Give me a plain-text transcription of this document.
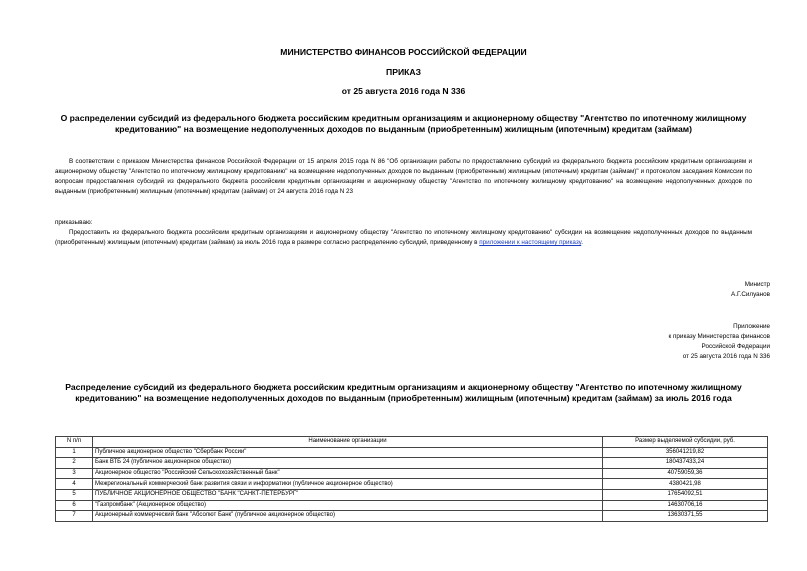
МИНИСТЕРСТВО ФИНАНСОВ РОССИЙСКОЙ ФЕДЕРАЦИИ
ПРИКАЗ
от 25 августа 2016 года N 336
О распределении субсидий из федерального бюджета российским кредитным организациям и акционерному обществу "Агентство по ипотечному жилищному
кредитованию" на возмещение недополученных доходов по выданным (приобретенным) жилищным (ипотечным) кредитам (займам)
В соответствии с приказом Министерства финансов Российской Федерации от 15 апреля 2015 года N 86 "Об организации работы по предоставлению субсидий из федерального бюджета российским кредитным организациям и акционерному обществу "Агентство по ипотечному жилищному кредитованию" на возмещение недополученных доходов по выданным (приобретенным) жилищным (ипотечным) кредитам (займам)" и протоколом заседания Комиссии по вопросам предоставления субсидий из федерального бюджета российским кредитным организациям и акционерному обществу "Агентство по ипотечному жилищному кредитованию" на возмещение недополученных доходов по выданным (приобретенным) жилищным (ипотечным) кредитам (займам) от 24 августа 2016 года N 23
приказываю:
Предоставить из федерального бюджета российским кредитным организациям и акционерному обществу "Агентство по ипотечному жилищному кредитованию" субсидии на возмещение недополученных доходов по выданным (приобретенным) жилищным (ипотечным) кредитам (займам) за июль 2016 года в размере согласно распределению субсидий, приведенному в приложении к настоящему приказу.
Министр
А.Г.Силуанов
Приложение
к приказу Министерства финансов
Российской Федерации
от 25 августа 2016 года N 336
Распределение субсидий из федерального бюджета российским кредитным организациям и акционерному обществу "Агентство по ипотечному жилищному
кредитованию" на возмещение недополученных доходов по выданным (приобретенным) жилищным (ипотечным) кредитам (займам) за июль 2016 года
N п/п	Наименование организации	Размер выделяемой субсидии, руб.
1	Публичное акционерное общество "Сбербанк России"	356041219,82
2	Банк ВТБ 24 (публичное акционерное общество)	180437433,24
3	Акционерное общество "Российский Сельскохозяйственный банк"	40759059,36
4	Межрегиональный коммерческий банк развития связи и информатики (публичное акционерное общество)	4380421,98
5	ПУБЛИЧНОЕ АКЦИОНЕРНОЕ ОБЩЕСТВО "БАНК "САНКТ-ПЕТЕРБУРГ"	17654092,51
6	"Газпромбанк" (Акционерное общество)	14630706,16
7	Акционерный коммерческий банк "Абсолют Банк" (публичное акционерное общество)	13630371,55
